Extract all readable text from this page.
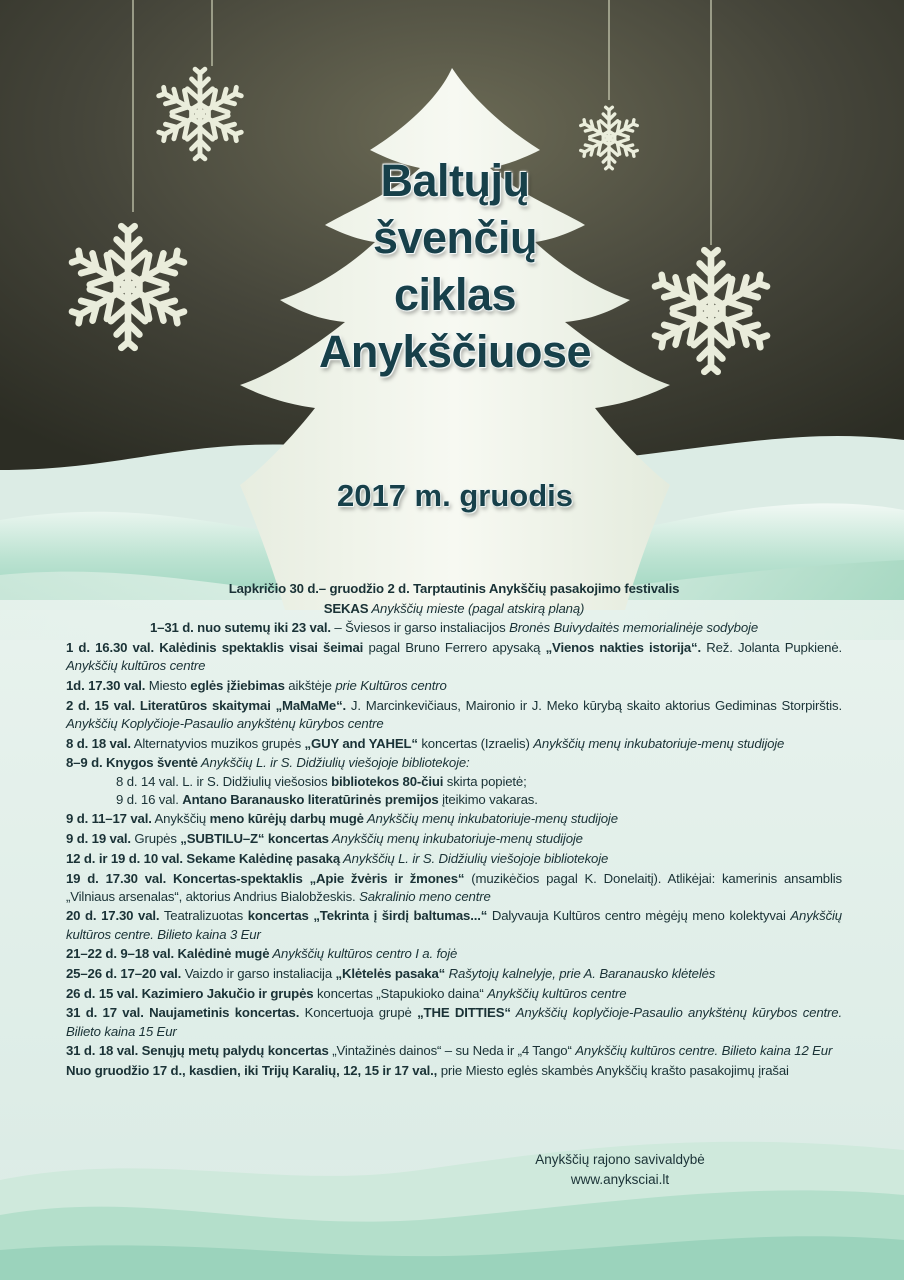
Baltųjų
švenčių
ciklas
Anykščiuose
2017 m. gruodis
Lapkričio 30 d.– gruodžio 2 d. Tarptautinis Anykščių pasakojimo festivalis
SEKAS Anykščių mieste (pagal atskirą planą)
1–31 d. nuo sutemų iki 23 val. – Šviesos ir garso instaliacijos Bronės Buivydaitės memorialinėje sodyboje
1 d. 16.30 val. Kalėdinis spektaklis visai šeimai pagal Bruno Ferrero apysaką „Vienos nakties istorija“. Rež. Jolanta Pupkienė. Anykščių kultūros centre
1d. 17.30 val. Miesto eglės įžiebimas aikštėje prie Kultūros centro
2 d. 15 val. Literatūros skaitymai „MaMaMe“. J. Marcinkevičiaus, Maironio ir J. Meko kūrybą skaito aktorius Gediminas Storpirštis. Anykščių Koplyčioje-Pasaulio anykštėnų kūrybos centre
8 d. 18 val. Alternatyvios muzikos grupės „GUY and YAHEL“ koncertas (Izraelis) Anykščių menų inkubatoriuje-menų studijoje
8–9 d. Knygos šventė Anykščių L. ir S. Didžiulių viešojoje bibliotekoje:
8 d. 14 val. L. ir S. Didžiulių viešosios bibliotekos 80-čiui skirta popietė;
9 d. 16 val. Antano Baranausko literatūrinės premijos įteikimo vakaras.
9 d. 11–17 val. Anykščių meno kūrėjų darbų mugė Anykščių menų inkubatoriuje-menų studijoje
9 d. 19 val. Grupės „SUBTILU–Z“ koncertas Anykščių menų inkubatoriuje-menų studijoje
12 d. ir 19 d. 10 val. Sekame Kalėdinę pasaką Anykščių L. ir S. Didžiulių viešojoje bibliotekoje
19 d. 17.30 val. Koncertas-spektaklis „Apie žvėris ir žmones“ (muzikėčios pagal K. Donelaitį). Atlikėjai: kamerinis ansamblis „Vilniaus arsenalas“, aktorius Andrius Bialobžeskis. Sakralinio meno centre
20 d. 17.30 val. Teatralizuotas koncertas „Tekrinta į širdį baltumas...“ Dalyvauja Kultūros centro mėgėjų meno kolektyvai Anykščių kultūros centre. Bilieto kaina 3 Eur
21–22 d. 9–18 val. Kalėdinė mugė Anykščių kultūros centro I a. fojė
25–26 d. 17–20 val. Vaizdo ir garso instaliacija „Klėtelės pasaka“ Rašytojų kalnelyje, prie A. Baranausko klėtelės
26 d. 15 val. Kazimiero Jakučio ir grupės koncertas „Stapukioko daina“ Anykščių kultūros centre
31 d. 17 val. Naujametinis koncertas. Koncertuoja grupė „THE DITTIES“ Anykščių koplyčioje-Pasaulio anykštėnų kūrybos centre. Bilieto kaina 15 Eur
31 d. 18 val. Senųjų metų palydų koncertas „Vintažinės dainos“ – su Neda ir „4 Tango“ Anykščių kultūros centre. Bilieto kaina 12 Eur
Nuo gruodžio 17 d., kasdien, iki Trijų Karalių, 12, 15 ir 17 val., prie Miesto eglės skambės Anykščių krašto pasakojimų įrašai
Anykščių rajono savivaldybė
www.anyksciai.lt
